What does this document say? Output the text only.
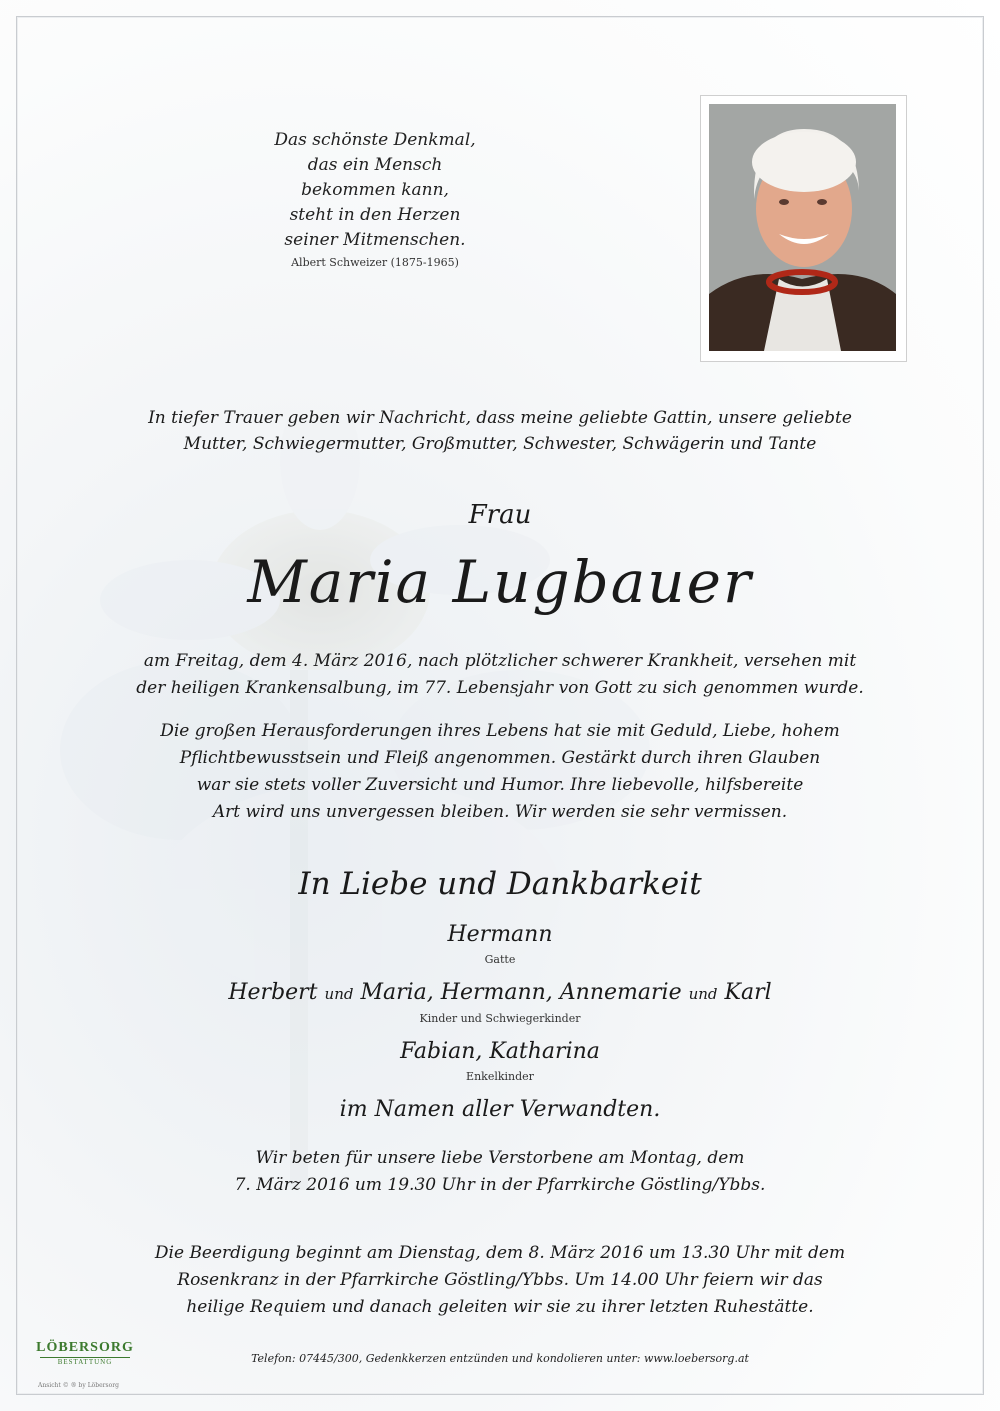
Das schönste Denkmal,
das ein Mensch
bekommen kann,
steht in den Herzen
seiner Mitmenschen.
Albert Schweizer (1875-1965)
In tiefer Trauer geben wir Nachricht, dass meine geliebte Gattin, unsere geliebte
Mutter, Schwiegermutter, Großmutter, Schwester, Schwägerin und Tante
Frau
Maria Lugbauer
am Freitag, dem 4. März 2016, nach plötzlicher schwerer Krankheit, versehen mit
der heiligen Krankensalbung, im 77. Lebensjahr von Gott zu sich genommen wurde.
Die großen Herausforderungen ihres Lebens hat sie mit Geduld, Liebe, hohem
Pflichtbewusstsein und Fleiß angenommen. Gestärkt durch ihren Glauben
war sie stets voller Zuversicht und Humor. Ihre liebevolle, hilfsbereite
Art wird uns unvergessen bleiben. Wir werden sie sehr vermissen.
In Liebe und Dankbarkeit
Hermann
Gatte
Herbert und Maria, Hermann, Annemarie und Karl
Kinder und Schwiegerkinder
Fabian, Katharina
Enkelkinder
im Namen aller Verwandten.
Wir beten für unsere liebe Verstorbene am Montag, dem
7. März 2016 um 19.30 Uhr in der Pfarrkirche Göstling/Ybbs.
Die Beerdigung beginnt am Dienstag, dem 8. März 2016 um 13.30 Uhr mit dem
Rosenkranz in der Pfarrkirche Göstling/Ybbs. Um 14.00 Uhr feiern wir das
heilige Requiem und danach geleiten wir sie zu ihrer letzten Ruhestätte.
Telefon: 07445/300, Gedenkkerzen entzünden und kondolieren unter: www.loebersorg.at
LÖBERSORG
BESTATTUNG
Ansicht © ® by Löbersorg
